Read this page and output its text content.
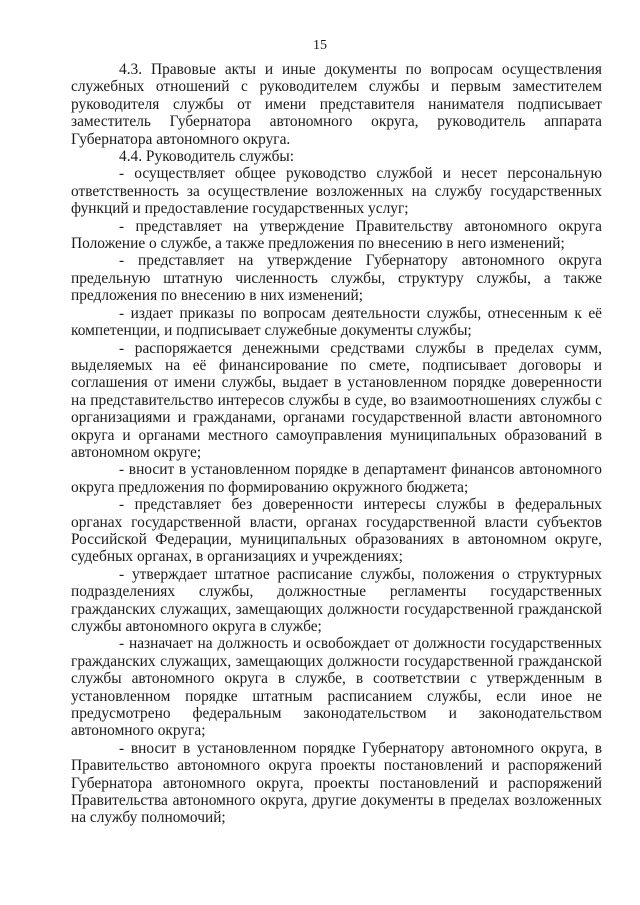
15

4.3. Правовые акты и иные документы по вопросам осуществления служебных отношений с руководителем службы и первым заместителем руководителя службы от имени представителя нанимателя подписывает заместитель Губернатора автономного округа, руководитель аппарата Губернатора автономного округа.

4.4. Руководитель службы:

- осуществляет общее руководство службой и несет персональную ответственность за осуществление возложенных на службу государственных функций и предоставление государственных услуг;

- представляет на утверждение Правительству автономного округа Положение о службе, а также предложения по внесению в него изменений;

- представляет на утверждение Губернатору автономного округа предельную штатную численность службы, структуру службы, а также предложения по внесению в них изменений;

- издает приказы по вопросам деятельности службы, отнесенным к её компетенции, и подписывает служебные документы службы;

- распоряжается денежными средствами службы в пределах сумм, выделяемых на её финансирование по смете, подписывает договоры и соглашения от имени службы, выдает в установленном порядке доверенности на представительство интересов службы в суде, во взаимоотношениях службы с организациями и гражданами, органами государственной власти автономного округа и органами местного самоуправления муниципальных образований в автономном округе;

- вносит в установленном порядке в департамент финансов автономного округа предложения по формированию окружного бюджета;

- представляет без доверенности интересы службы в федеральных органах государственной власти, органах государственной власти субъектов Российской Федерации, муниципальных образованиях в автономном округе, судебных органах, в организациях и учреждениях;

- утверждает штатное расписание службы, положения о структурных подразделениях службы, должностные регламенты государственных гражданских служащих, замещающих должности государственной гражданской службы автономного округа в службе;

- назначает на должность и освобождает от должности государственных гражданских служащих, замещающих должности государственной гражданской службы автономного округа в службе, в соответствии с утвержденным в установленном порядке штатным расписанием службы, если иное не предусмотрено федеральным законодательством и законодательством автономного округа;

- вносит в установленном порядке Губернатору автономного округа, в Правительство автономного округа проекты постановлений и распоряжений Губернатора автономного округа, проекты постановлений и распоряжений Правительства автономного округа, другие документы в пределах возложенных на службу полномочий;
